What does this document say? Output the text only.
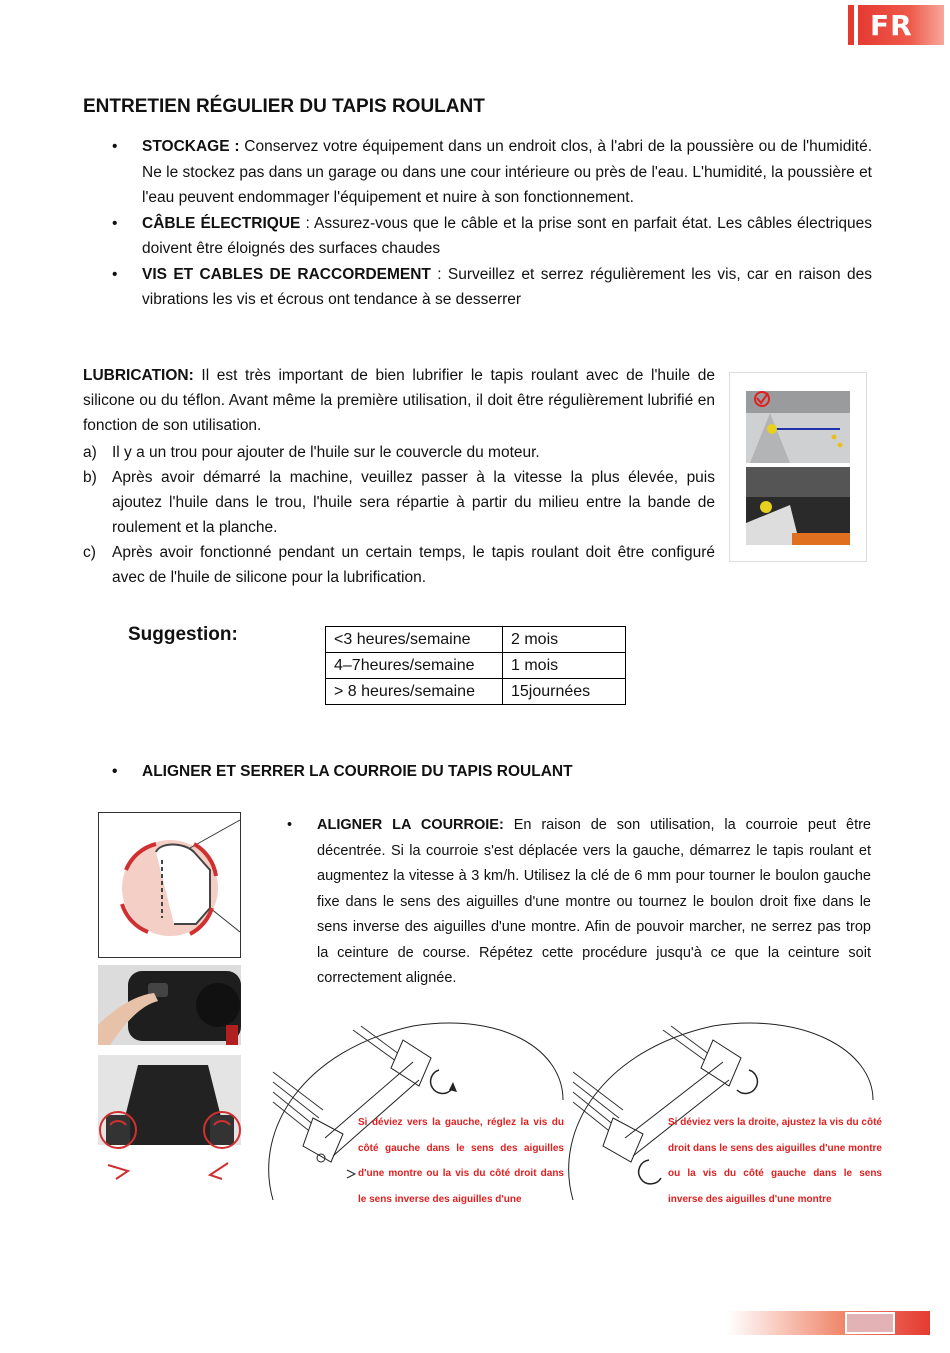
FR
ENTRETIEN RÉGULIER DU TAPIS ROULANT
• STOCKAGE : Conservez votre équipement dans un endroit clos, à l'abri de la poussière ou de l'humidité. Ne le stockez pas dans un garage ou dans une cour intérieure ou près de l'eau. L'humidité, la poussière et l'eau peuvent endommager l'équipement et nuire à son fonctionnement.
• CÂBLE ÉLECTRIQUE : Assurez-vous que le câble et la prise sont en parfait état. Les câbles électriques doivent être éloignés des surfaces chaudes
• VIS ET CABLES DE RACCORDEMENT : Surveillez et serrez régulièrement les vis, car en raison des vibrations les vis et écrous ont tendance à se desserrer
LUBRICATION: Il est très important de bien lubrifier le tapis roulant avec de l'huile de silicone ou du téflon. Avant même la première utilisation, il doit être régulièrement lubrifié en fonction de son utilisation.
a) Il y a un trou pour ajouter de l'huile sur le couvercle du moteur.
b) Après avoir démarré la machine, veuillez passer à la vitesse la plus élevée, puis ajoutez l'huile dans le trou, l'huile sera répartie à partir du milieu entre la bande de roulement et la planche.
c) Après avoir fonctionné pendant un certain temps, le tapis roulant doit être configuré avec de l'huile de silicone pour la lubrification.
Suggestion:	<3 heures/semaine	2 mois
4–7heures/semaine	1 mois
> 8 heures/semaine	15journées
•	ALIGNER ET SERRER LA COURROIE DU TAPIS ROULANT
•	ALIGNER LA COURROIE: En raison de son utilisation, la courroie peut être décentrée. Si la courroie s'est déplacée vers la gauche, démarrez le tapis roulant et augmentez la vitesse à 3 km/h. Utilisez la clé de 6 mm pour tourner le boulon gauche fixe dans le sens des aiguilles d'une montre ou tournez le boulon droit fixe dans le sens inverse des aiguilles d'une montre. Afin de pouvoir marcher, ne serrez pas trop la ceinture de course. Répétez cette procédure jusqu'à ce que la ceinture soit correctement alignée.
Si déviez vers la gauche, réglez la vis du côté gauche dans le sens des aiguilles d'une montre ou la vis du côté droit dans le sens inverse des aiguilles d'une
Si déviez vers la droite, ajustez la vis du côté droit dans le sens des aiguilles d'une montre ou la vis du côté gauche dans le sens inverse des aiguilles d'une montre
